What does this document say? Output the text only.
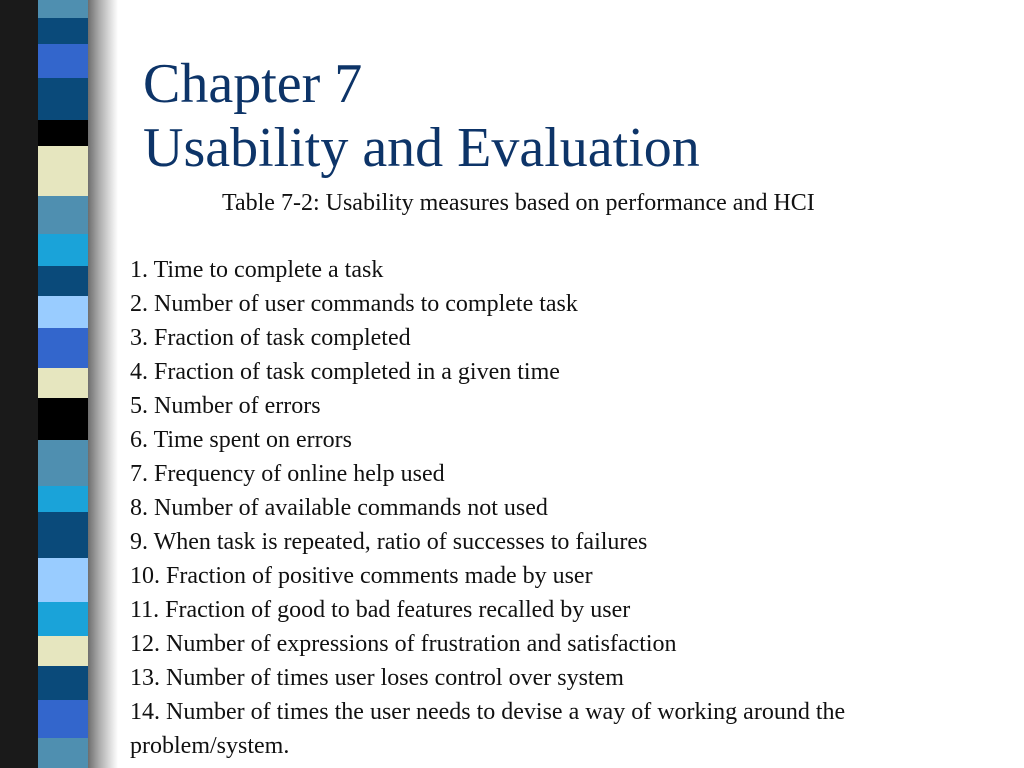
Chapter 7
Usability and Evaluation

Table 7-2: Usability measures based on performance and HCI

1. Time to complete a task
2. Number of user commands to complete task
3. Fraction of task completed
4. Fraction of task completed in a given time
5. Number of errors
6. Time spent on errors
7. Frequency of online help used
8. Number of available commands not used
9. When task is repeated, ratio of successes to failures
10. Fraction of positive comments made by user
11. Fraction of good to bad features recalled by user
12. Number of expressions of frustration and satisfaction
13. Number of times user loses control over system
14. Number of times the user needs to devise a way of working around the problem/system.
